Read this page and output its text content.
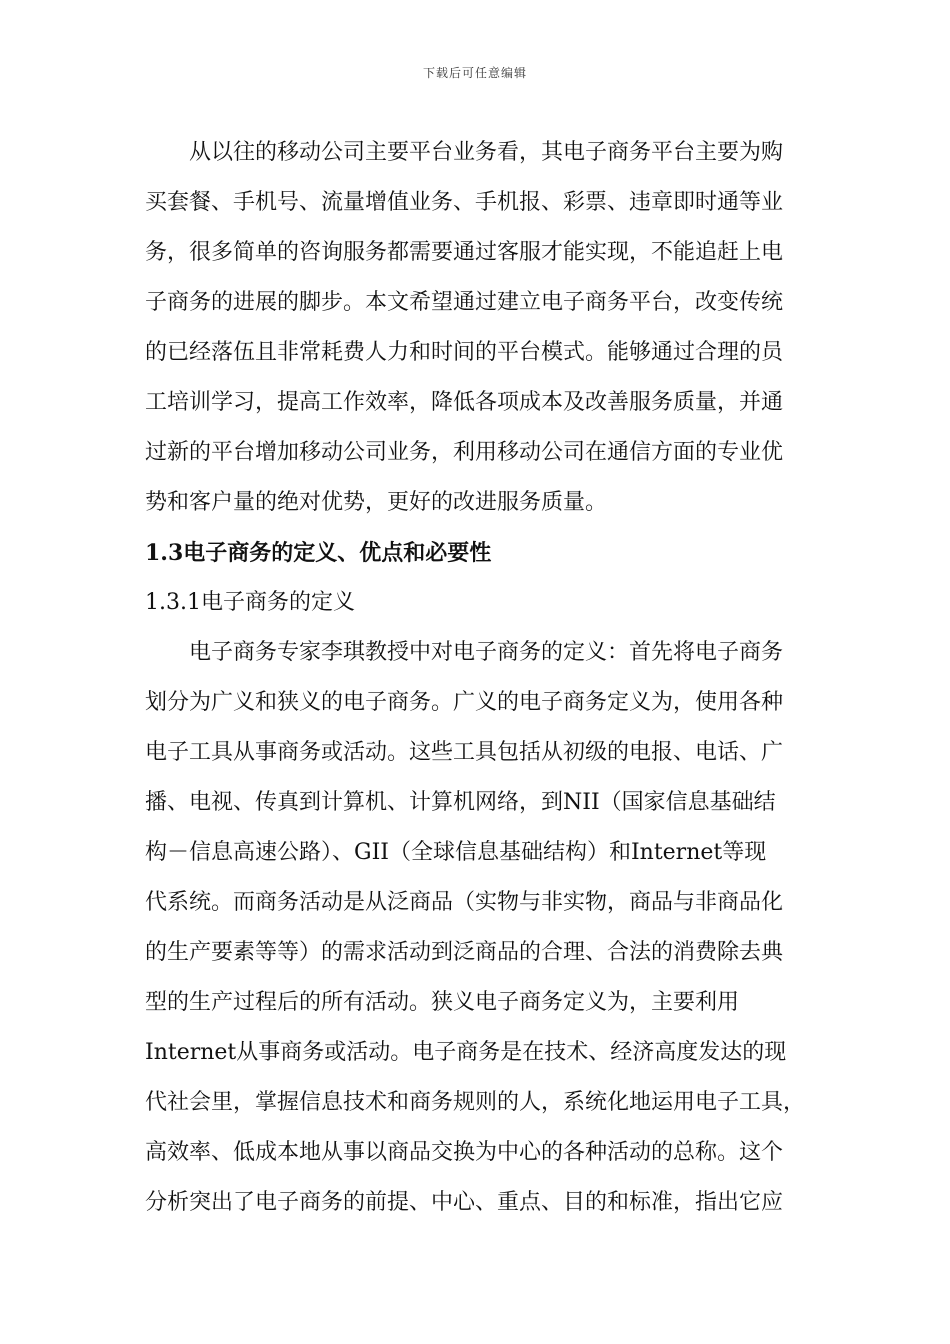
下载后可任意编辑
从以往的移动公司主要平台业务看，其电子商务平台主要为购
买套餐、手机号、流量增值业务、手机报、彩票、违章即时通等业
务，很多简单的咨询服务都需要通过客服才能实现，不能追赶上电
子商务的进展的脚步。本文希望通过建立电子商务平台，改变传统
的已经落伍且非常耗费人力和时间的平台模式。能够通过合理的员
工培训学习，提高工作效率，降低各项成本及改善服务质量，并通
过新的平台增加移动公司业务，利用移动公司在通信方面的专业优
势和客户量的绝对优势，更好的改进服务质量。
1.3电子商务的定义、优点和必要性
1.3.1电子商务的定义
电子商务专家李琪教授中对电子商务的定义：首先将电子商务
划分为广义和狭义的电子商务。广义的电子商务定义为，使用各种
电子工具从事商务或活动。这些工具包括从初级的电报、电话、广
播、电视、传真到计算机、计算机网络，到NII（国家信息基础结
构－信息高速公路）、GII（全球信息基础结构）和Internet等现
代系统。而商务活动是从泛商品（实物与非实物，商品与非商品化
的生产要素等等）的需求活动到泛商品的合理、合法的消费除去典
型的生产过程后的所有活动。狭义电子商务定义为，主要利用
Internet从事商务或活动。电子商务是在技术、经济高度发达的现
代社会里，掌握信息技术和商务规则的人，系统化地运用电子工具，
高效率、低成本地从事以商品交换为中心的各种活动的总称。这个
分析突出了电子商务的前提、中心、重点、目的和标准，指出它应
